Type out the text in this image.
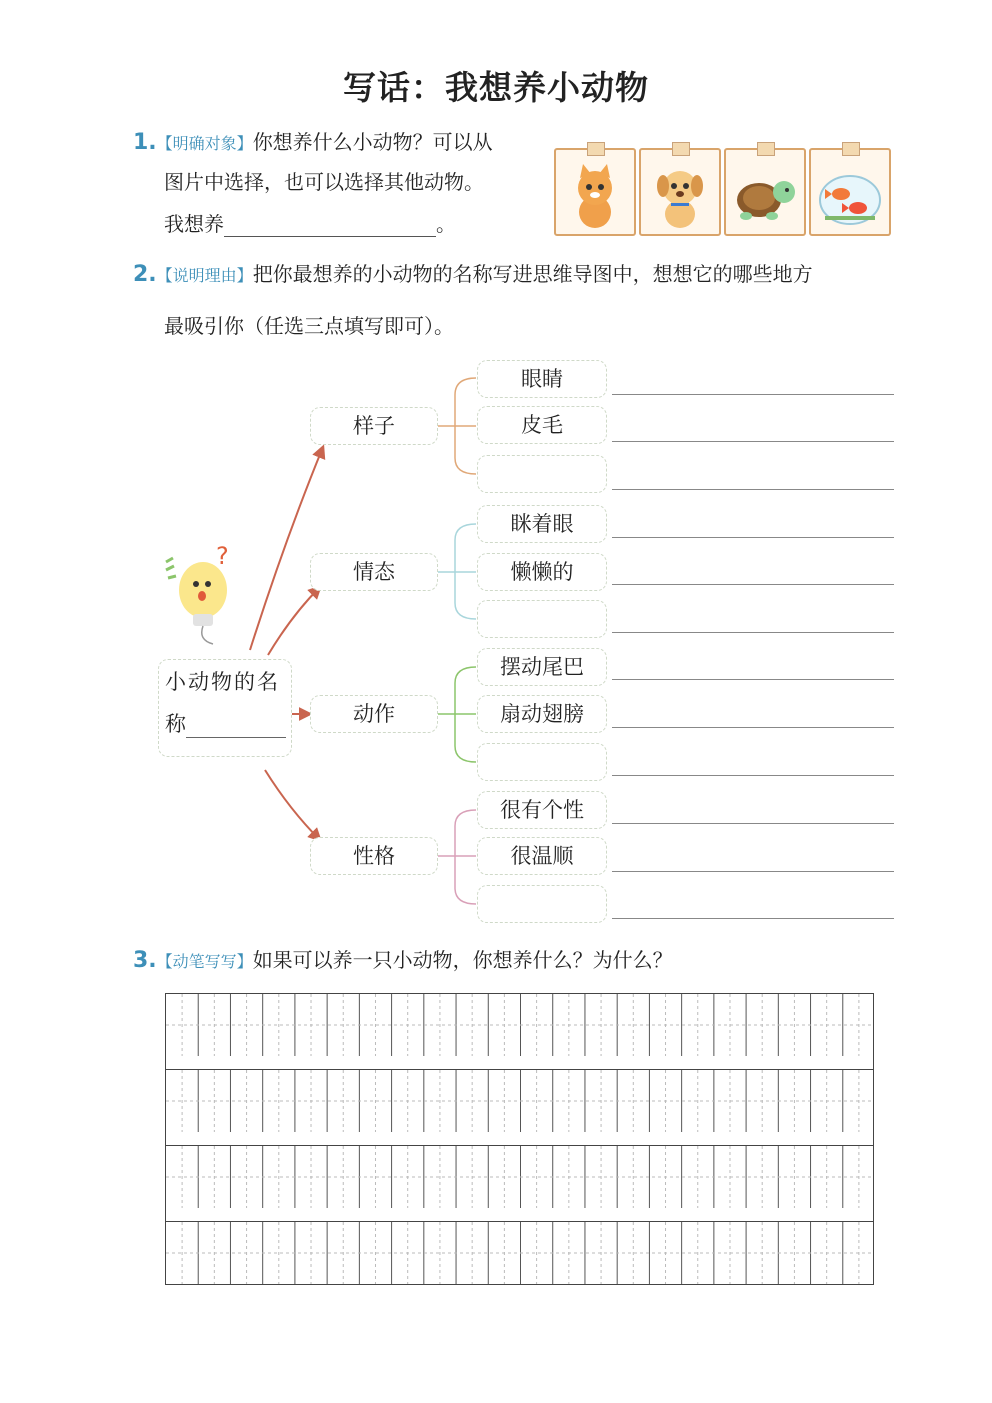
写话：我想养小动物
1.【明确对象】你想养什么小动物？可以从
图片中选择，也可以选择其他动物。
我想养	。
2.【说明理由】把你最想养的小动物的名称写进思维导图中，想想它的哪些地方
最吸引你（任选三点填写即可）。
?
小动物的名
称
样子
情态
动作
性格
眼睛
皮毛
眯着眼
懒懒的
摆动尾巴
扇动翅膀
很有个性
很温顺
3.【动笔写写】如果可以养一只小动物，你想养什么？为什么？
